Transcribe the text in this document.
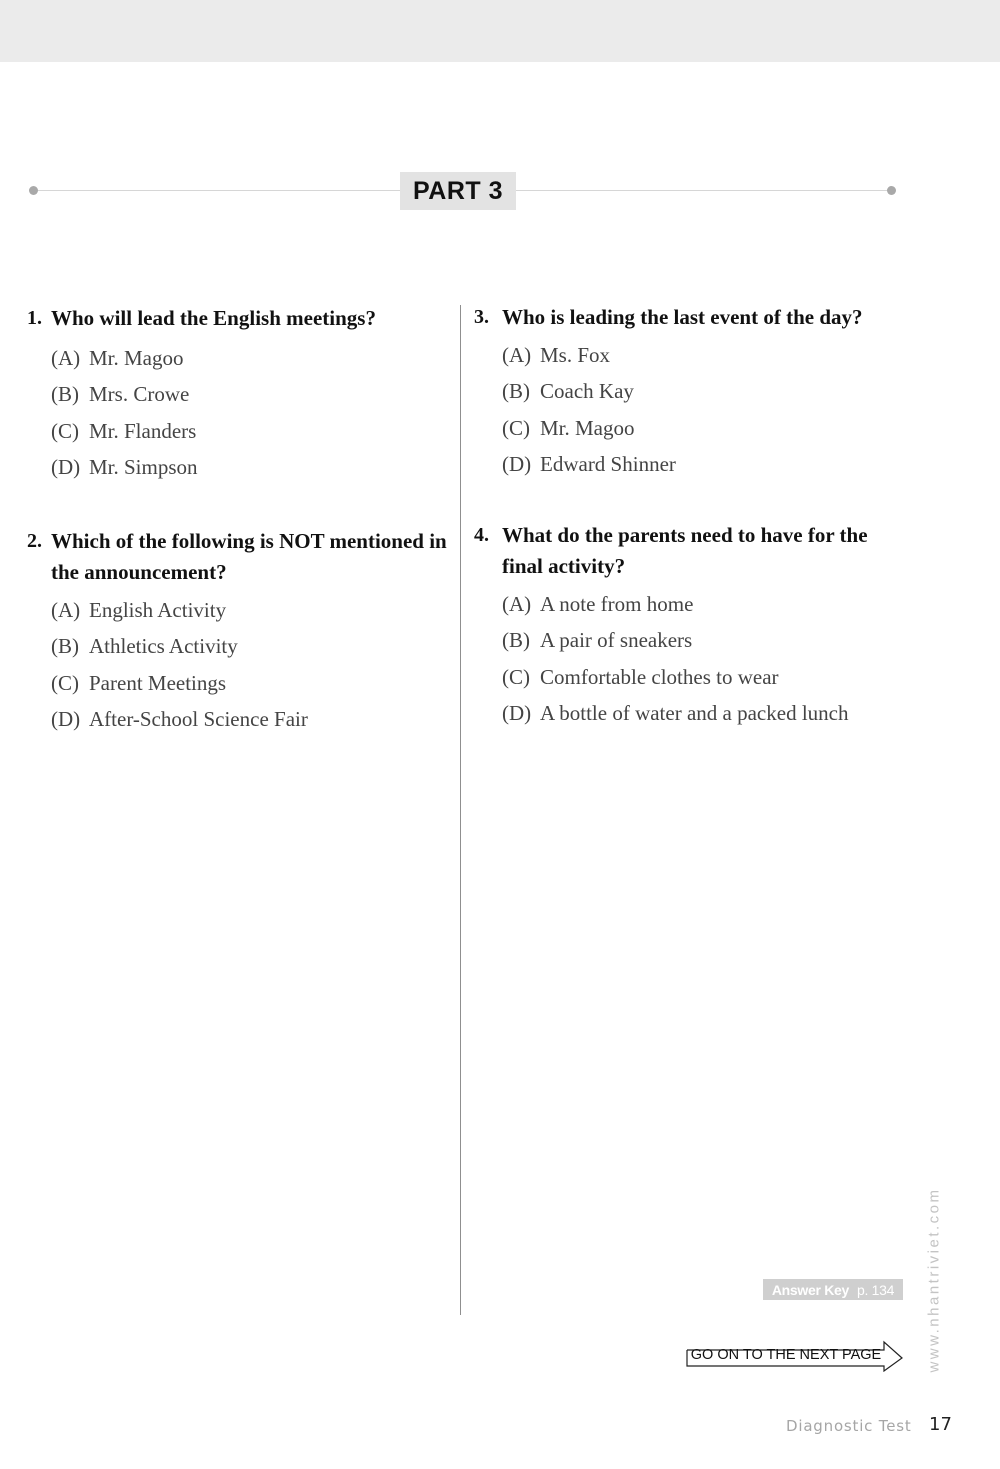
PART 3
1. Who will lead the English meetings?
(A) Mr. Magoo
(B) Mrs. Crowe
(C) Mr. Flanders
(D) Mr. Simpson
2. Which of the following is NOT mentioned in the announcement?
(A) English Activity
(B) Athletics Activity
(C) Parent Meetings
(D) After-School Science Fair
3. Who is leading the last event of the day?
(A) Ms. Fox
(B) Coach Kay
(C) Mr. Magoo
(D) Edward Shinner
4. What do the parents need to have for the final activity?
(A) A note from home
(B) A pair of sneakers
(C) Comfortable clothes to wear
(D) A bottle of water and a packed lunch
Answer Key p. 134
GO ON TO THE NEXT PAGE	www.nhantriviet.com
Diagnostic Test 17
